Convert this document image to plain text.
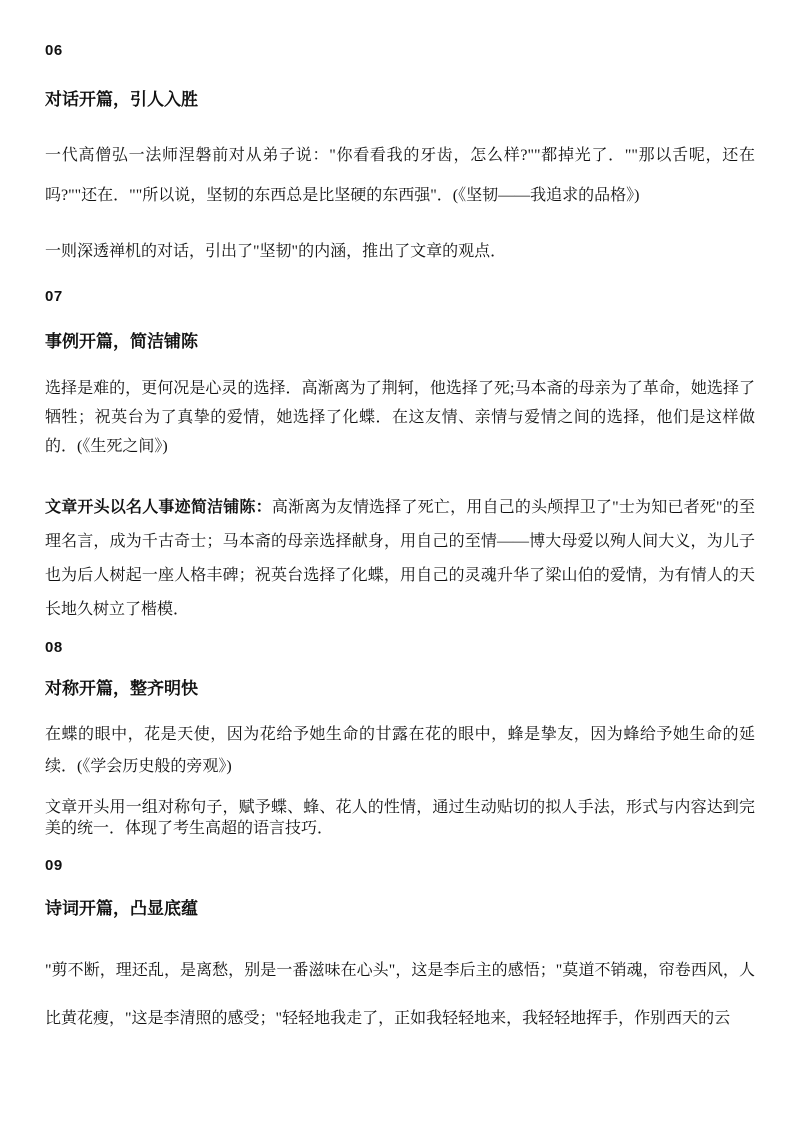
06
对话开篇，引人入胜

一代高僧弘一法师涅磐前对从弟子说："你看看我的牙齿，怎么样?""都掉光了．""那以舌呢，还在吗?""还在．""所以说，坚韧的东西总是比坚硬的东西强"．(《坚韧——我追求的品格》)

一则深透禅机的对话，引出了"坚韧"的内涵，推出了文章的观点．

07
事例开篇，简洁铺陈

选择是难的，更何况是心灵的选择．高渐离为了荆轲，他选择了死;马本斋的母亲为了革命，她选择了牺牲；祝英台为了真挚的爱情，她选择了化蝶．在这友情、亲情与爱情之间的选择，他们是这样做的．(《生死之间》)

文章开头以名人事迹简洁铺陈：高渐离为友情选择了死亡，用自己的头颅捍卫了"士为知已者死"的至理名言，成为千古奇士；马本斋的母亲选择献身，用自己的至情——博大母爱以殉人间大义，为儿子也为后人树起一座人格丰碑；祝英台选择了化蝶，用自己的灵魂升华了梁山伯的爱情，为有情人的天长地久树立了楷模．

08
对称开篇，整齐明快

在蝶的眼中，花是天使，因为花给予她生命的甘露在花的眼中，蜂是挚友，因为蜂给予她生命的延续．(《学会历史般的旁观》)

文章开头用一组对称句子，赋予蝶、蜂、花人的性情，通过生动贴切的拟人手法，形式与内容达到完美的统一．体现了考生高超的语言技巧．

09
诗词开篇，凸显底蕴

"剪不断，理还乱，是离愁，别是一番滋味在心头"，这是李后主的感悟；"莫道不销魂，帘卷西风，人比黄花瘦，"这是李清照的感受；"轻轻地我走了，正如我轻轻地来，我轻轻地挥手，作别西天的云
